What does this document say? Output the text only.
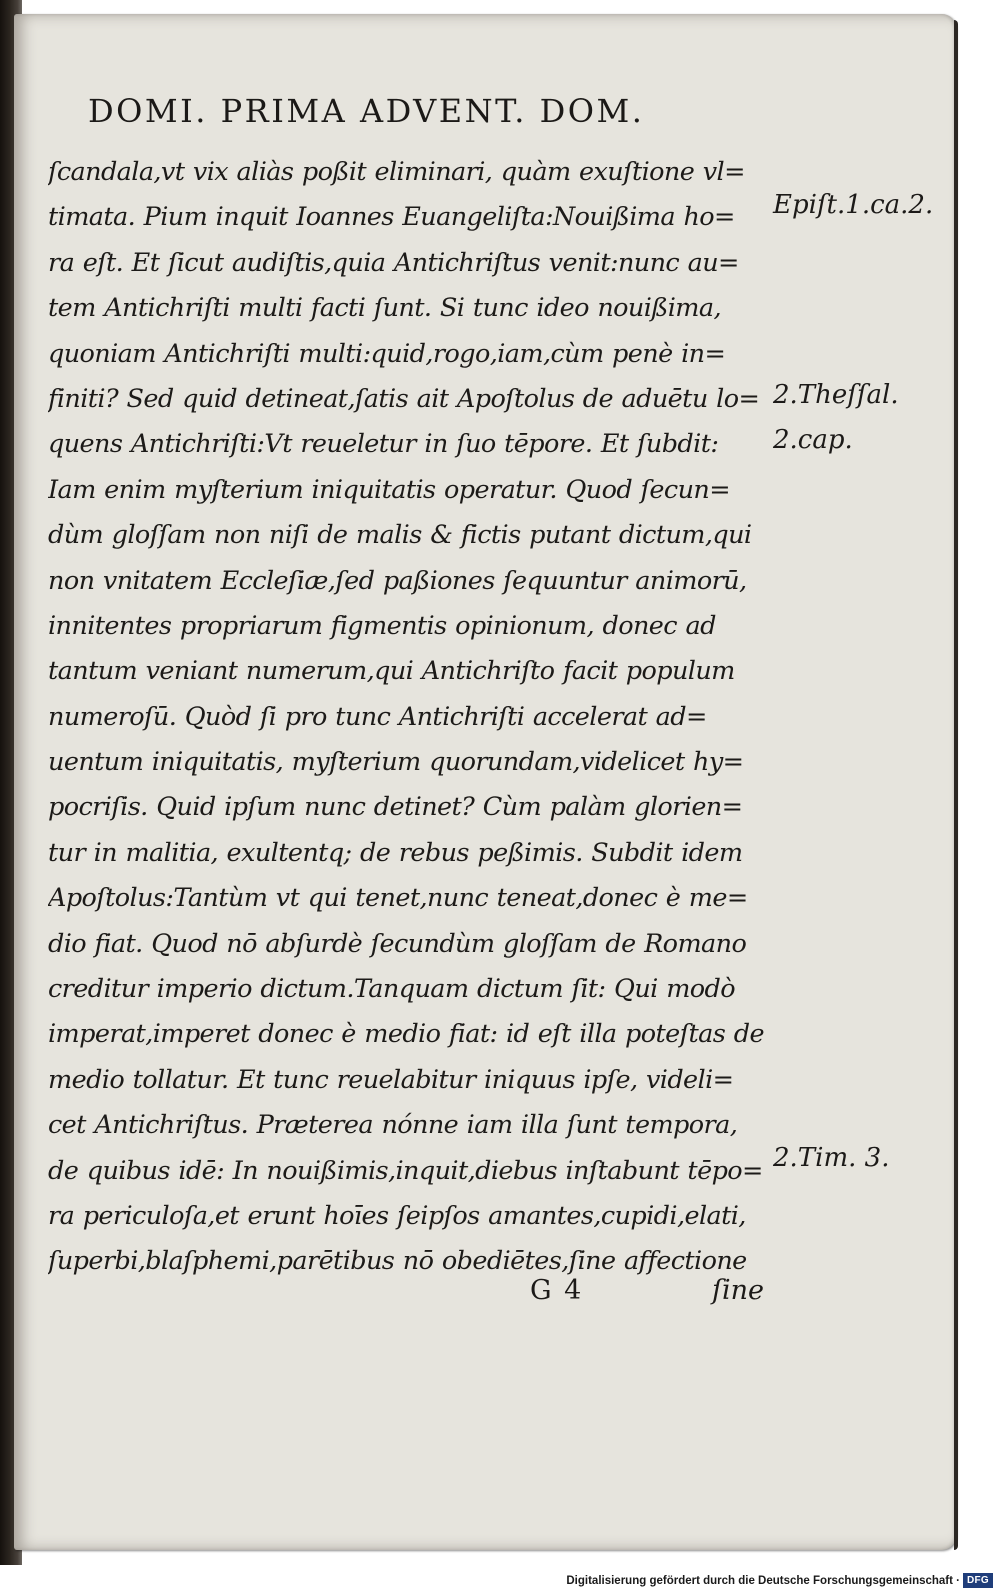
DOMI. PRIMA ADVENT. DOM.
ſcandala,vt vix aliàs poßit eliminari, quàm exuſtione vl=
timata. Pium inquit Ioannes Euangeliſta:Nouißima ho=
ra eſt. Et ſicut audiſtis,quia Antichriſtus venit:nunc au=
tem Antichriſti multi facti ſunt. Si tunc ideo nouißima,
quoniam Antichriſti multi:quid,rogo,iam,cùm penè in=
finiti? Sed quid detineat,ſatis ait Apoſtolus de aduētu lo=
quens Antichriſti:Vt reueletur in ſuo tēpore. Et ſubdit:
Iam enim myſterium iniquitatis operatur. Quod ſecun=
dùm gloſſam non niſi de malis & fictis putant dictum,qui
non vnitatem Eccleſiæ,ſed paßiones ſequuntur animorū,
innitentes propriarum figmentis opinionum, donec ad
tantum veniant numerum,qui Antichriſto facit populum
numeroſū. Quòd ſi pro tunc Antichriſti accelerat ad=
uentum iniquitatis, myſterium quorundam,videlicet hy=
pocriſis. Quid ipſum nunc detinet? Cùm palàm glorien=
tur in malitia, exultentq; de rebus peßimis. Subdit idem
Apoſtolus:Tantùm vt qui tenet,nunc teneat,donec è me=
dio fiat. Quod nō abſurdè ſecundùm gloſſam de Romano
creditur imperio dictum.Tanquam dictum ſit: Qui modò
imperat,imperet donec è medio fiat: id eſt illa poteſtas de
medio tollatur. Et tunc reuelabitur iniquus ipſe, videli=
cet Antichriſtus. Præterea nónne iam illa ſunt tempora,
de quibus idē: In nouißimis,inquit,diebus inſtabunt tēpo=
ra periculoſa,et erunt hoīes ſeipſos amantes,cupidi,elati,
ſuperbi,blaſphemi,parētibus nō obediētes,ſine affectione
Epiſt.1.ca.2.
2.Theſſal.
2.cap.
2.Tim. 3.
G 4	ſine
Digitalisierung gefördert durch die Deutsche Forschungsgemeinschaft · DFG
